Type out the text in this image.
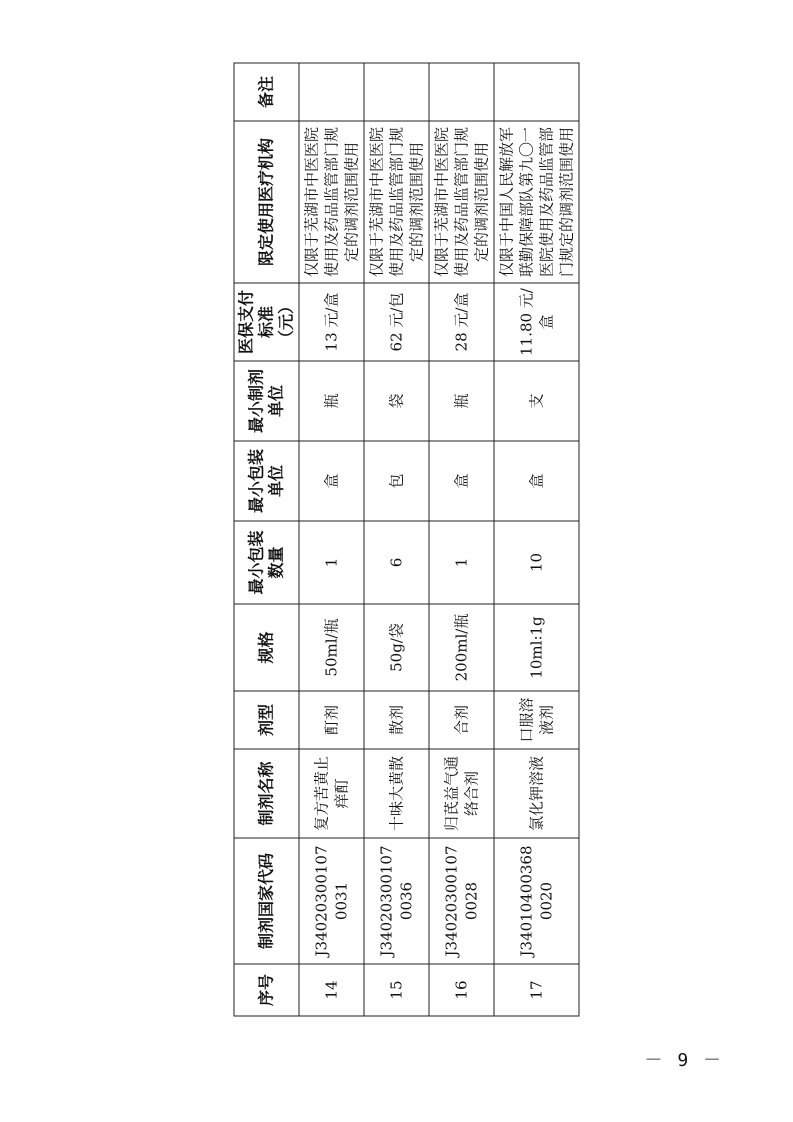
序号	制剂国家代码	制剂名称	剂型	规格	最小包装数量	最小包装单位	最小制剂单位	医保支付标准（元）	限定使用医疗机构	备注
14	J34020300107 0031	复方苦黄止痒酊	酊剂	50ml/瓶	1	盒	瓶	13 元/盒	仅限于芜湖市中医医院使用及药品监管部门规定的调剂范围使用	
15	J34020300107 0036	十味大黄散	散剂	50g/袋	6	包	袋	62 元/包	仅限于芜湖市中医医院使用及药品监管部门规定的调剂范围使用	
16	J34020300107 0028	归芪益气通络合剂	合剂	200ml/瓶	1	盒	瓶	28 元/盒	仅限于芜湖市中医医院使用及药品监管部门规定的调剂范围使用	
17	J34010400368 0020	氯化钾溶液	口服溶液剂	10ml:1g	10	盒	支	11.80 元/盒	仅限于中国人民解放军联勤保障部队第九〇一医院使用及药品监管部门规定的调剂范围使用	
－ 9 －
